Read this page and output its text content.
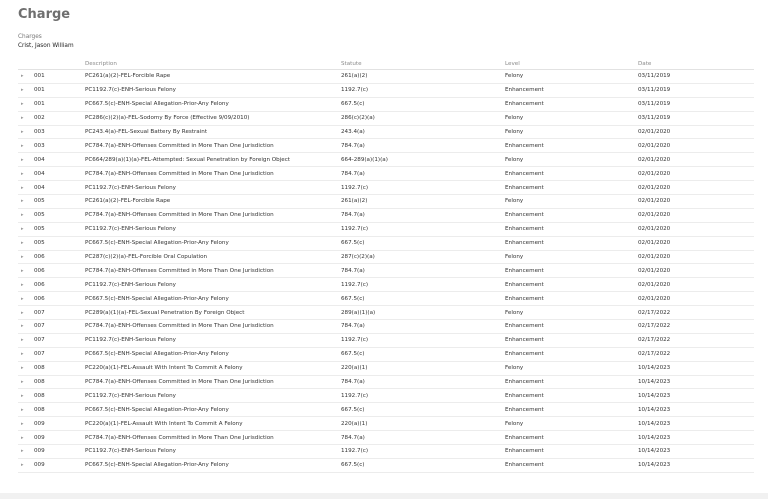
Charge
Charges
Crist, Jason William
		Description	Statute	Level	Date
▸	001	PC261(a)(2)-FEL-Forcible Rape	261(a)(2)	Felony	03/11/2019
▸	001	PC1192.7(c)-ENH-Serious Felony	1192.7(c)	Enhancement	03/11/2019
▸	001	PC667.5(c)-ENH-Special Allegation-Prior-Any Felony	667.5(c)	Enhancement	03/11/2019
▸	002	PC286(c)(2)(a)-FEL-Sodomy By Force (Effective 9/09/2010)	286(c)(2)(a)	Felony	03/11/2019
▸	003	PC243.4(a)-FEL-Sexual Battery By Restraint	243.4(a)	Felony	02/01/2020
▸	003	PC784.7(a)-ENH-Offenses Committed in More Than One Jurisdiction	784.7(a)	Enhancement	02/01/2020
▸	004	PC664/289(a)(1)(a)-FEL-Attempted: Sexual Penetration by Foreign Object	664-289(a)(1)(a)	Felony	02/01/2020
▸	004	PC784.7(a)-ENH-Offenses Committed in More Than One Jurisdiction	784.7(a)	Enhancement	02/01/2020
▸	004	PC1192.7(c)-ENH-Serious Felony	1192.7(c)	Enhancement	02/01/2020
▸	005	PC261(a)(2)-FEL-Forcible Rape	261(a)(2)	Felony	02/01/2020
▸	005	PC784.7(a)-ENH-Offenses Committed in More Than One Jurisdiction	784.7(a)	Enhancement	02/01/2020
▸	005	PC1192.7(c)-ENH-Serious Felony	1192.7(c)	Enhancement	02/01/2020
▸	005	PC667.5(c)-ENH-Special Allegation-Prior-Any Felony	667.5(c)	Enhancement	02/01/2020
▸	006	PC287(c)(2)(a)-FEL-Forcible Oral Copulation	287(c)(2)(a)	Felony	02/01/2020
▸	006	PC784.7(a)-ENH-Offenses Committed in More Than One Jurisdiction	784.7(a)	Enhancement	02/01/2020
▸	006	PC1192.7(c)-ENH-Serious Felony	1192.7(c)	Enhancement	02/01/2020
▸	006	PC667.5(c)-ENH-Special Allegation-Prior-Any Felony	667.5(c)	Enhancement	02/01/2020
▸	007	PC289(a)(1)(a)-FEL-Sexual Penetration By Foreign Object	289(a)(1)(a)	Felony	02/17/2022
▸	007	PC784.7(a)-ENH-Offenses Committed in More Than One Jurisdiction	784.7(a)	Enhancement	02/17/2022
▸	007	PC1192.7(c)-ENH-Serious Felony	1192.7(c)	Enhancement	02/17/2022
▸	007	PC667.5(c)-ENH-Special Allegation-Prior-Any Felony	667.5(c)	Enhancement	02/17/2022
▸	008	PC220(a)(1)-FEL-Assault With Intent To Commit A Felony	220(a)(1)	Felony	10/14/2023
▸	008	PC784.7(a)-ENH-Offenses Committed in More Than One Jurisdiction	784.7(a)	Enhancement	10/14/2023
▸	008	PC1192.7(c)-ENH-Serious Felony	1192.7(c)	Enhancement	10/14/2023
▸	008	PC667.5(c)-ENH-Special Allegation-Prior-Any Felony	667.5(c)	Enhancement	10/14/2023
▸	009	PC220(a)(1)-FEL-Assault With Intent To Commit A Felony	220(a)(1)	Felony	10/14/2023
▸	009	PC784.7(a)-ENH-Offenses Committed in More Than One Jurisdiction	784.7(a)	Enhancement	10/14/2023
▸	009	PC1192.7(c)-ENH-Serious Felony	1192.7(c)	Enhancement	10/14/2023
▸	009	PC667.5(c)-ENH-Special Allegation-Prior-Any Felony	667.5(c)	Enhancement	10/14/2023
